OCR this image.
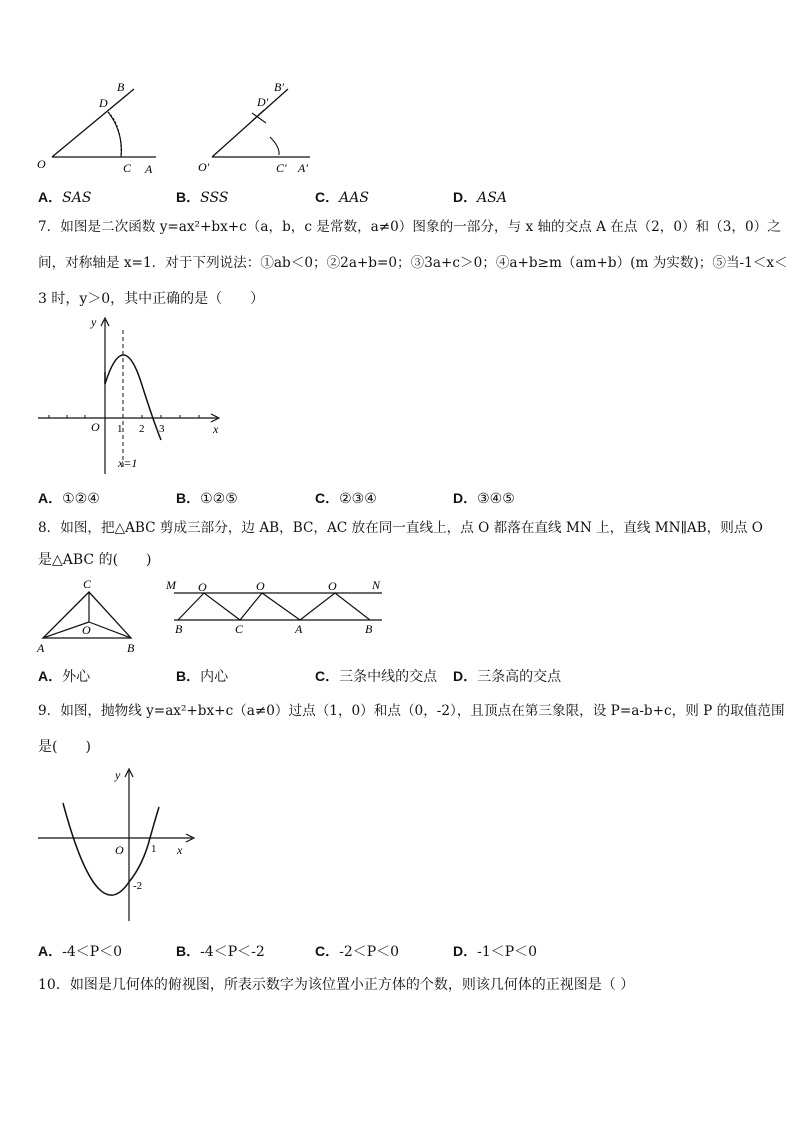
B
D
O	C A
B′
D′
O′	C′ A′
A．SAS	B．SSS	C．AAS	D．ASA
7．如图是二次函数 y=ax²+bx+c（a，b，c 是常数，a≠0）图象的一部分，与 x 轴的交点 A 在点（2，0）和（3，0）之
间，对称轴是 x=1．对于下列说法：①ab＜0；②2a+b=0；③3a+c＞0；④a+b≥m（am+b）(m 为实数)；⑤当-1＜x＜
3 时，y＞0，其中正确的是（　　）
y
x
O 1 2 3
x=1
A．①②④	B．①②⑤	C．②③④	D．③④⑤
8．如图，把△ABC 剪成三部分，边 AB，BC，AC 放在同一直线上，点 O 都落在直线 MN 上，直线 MN∥AB，则点 O
是△ABC 的(　　)
C
O
A	B
M O	O	O	N
B	C	A	B
A．外心	B．内心	C．三条中线的交点 D．三条高的交点
9．如图，抛物线 y=ax²+bx+c（a≠0）过点（1，0）和点（0，-2），且顶点在第三象限，设 P=a-b+c，则 P 的取值范围
是(　　)
y
x
O 1
-2
A．-4＜P＜0	B．-4＜P＜-2	C．-2＜P＜0	D．-1＜P＜0
10．如图是几何体的俯视图，所表示数字为该位置小正方体的个数，则该几何体的正视图是（ ）
